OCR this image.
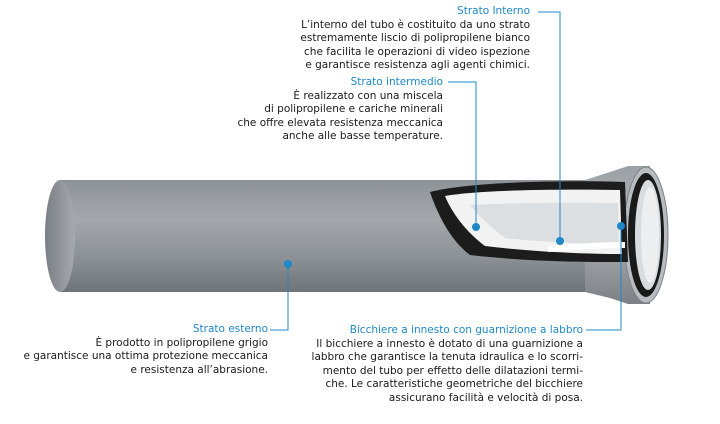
Strato Interno
L’interno del tubo è costituito da uno strato
estremamente liscio di polipropilene bianco
che facilita le operazioni di video ispezione
e garantisce resistenza agli agenti chimici.
Strato intermedio
È realizzato con una miscela
di polipropilene e cariche minerali
che offre elevata resistenza meccanica
anche alle basse temperature.
Strato esterno
È prodotto in polipropilene grigio
e garantisce una ottima protezione meccanica
e resistenza all’abrasione.
Bicchiere a innesto con guarnizione a labbro
Il bicchiere a innesto è dotato di una guarnizione a
labbro che garantisce la tenuta idraulica e lo scorri-
mento del tubo per effetto delle dilatazioni termi-
che. Le caratteristiche geometriche del bicchiere
assicurano facilità e velocità di posa.
